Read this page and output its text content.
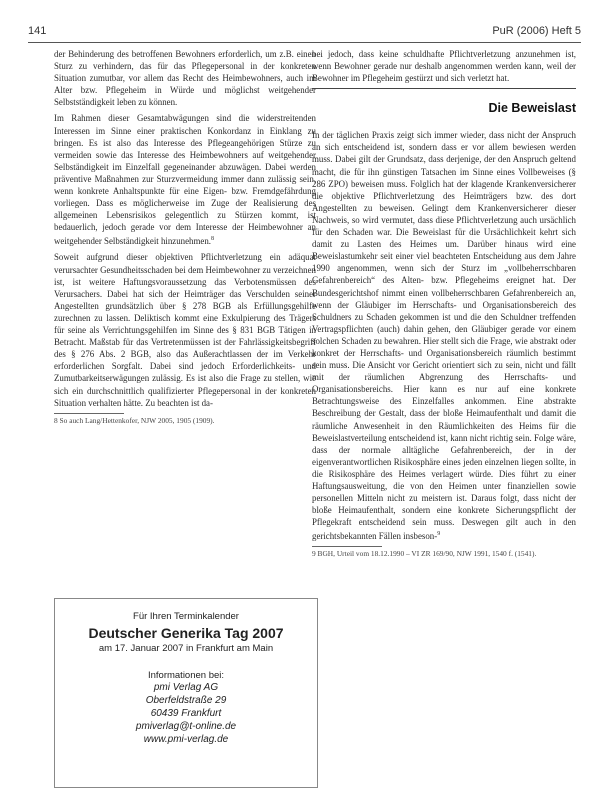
141	PuR (2006) Heft 5

der Behinderung des betroffenen Bewohners erforderlich, um z.B. einen Sturz zu verhindern, das für das Pflegepersonal in der konkreten Situation zumutbar, vor allem das Recht des Heimbewohners, auch im Alter bzw. Pflegeheim in Würde und möglichst weitgehender Selbstständigkeit leben zu können.

Im Rahmen dieser Gesamtabwägungen sind die widerstreitenden Interessen im Sinne einer praktischen Konkordanz in Einklang zu bringen. Es ist also das Interesse des Pflegeangehörigen Stürze zu vermeiden sowie das Interesse des Heimbewohners auf weitgehender Selbständigkeit im Einzelfall gegeneinander abzuwägen. Dabei werden präventive Maßnahmen zur Sturzvermeidung immer dann zulässig sein, wenn konkrete Anhaltspunkte für eine Eigen- bzw. Fremdgefährdung vorliegen. Dass es möglicherweise im Zuge der Realisierung des allgemeinen Lebensrisikos gelegentlich zu Stürzen kommt, ist bedauerlich, jedoch gerade vor dem Interesse der Heimbewohner an weitgehender Selbständigkeit hinzunehmen.$^8$

Soweit aufgrund dieser objektiven Pflichtverletzung ein adäquat verursachter Gesundheitsschaden bei dem Heimbewohner zu verzeichnen ist, ist weitere Haftungsvoraussetzung das Verbotensmüssen des Verursachers. Dabei hat sich der Heimträger das Verschulden seiner Angestellten grundsätzlich über § 278 BGB als Erfüllungsgehilfe zurechnen zu lassen. Deliktisch kommt eine Exkulpierung des Trägers für seine als Verrichtungsgehilfen im Sinne des § 831 BGB Tätigen in Betracht. Maßstab für das Vertretenmüssen ist der Fahrlässigkeitsbegriff des § 276 Abs. 2 BGB, also das Außerachtlassen der im Verkehr erforderlichen Sorgfalt. Dabei sind jedoch Erforderlichkeits- und Zumutbarkeitserwägungen zulässig. Es ist also die Frage zu stellen, wie sich ein durchschnittlich qualifizierter Pflegepersonal in der konkreten Situation verhalten hätte. Zu beachten ist da-

8 So auch Lang/Hettenkofer, NJW 2005, 1905 (1909).

Für Ihren Terminkalender
Deutscher Generika Tag 2007
am 17. Januar 2007 in Frankfurt am Main
Informationen bei:
pmi Verlag AG
Oberfeldstraße 29
60439 Frankfurt
pmiverlag@t-online.de
www.pmi-verlag.de

bei jedoch, dass keine schuldhafte Pflichtverletzung anzunehmen ist, wenn Bewohner gerade nur deshalb angenommen werden kann, weil der Bewohner im Pflegeheim gestürzt und sich verletzt hat.

Die Beweislast

In der täglichen Praxis zeigt sich immer wieder, dass nicht der Anspruch an sich entscheidend ist, sondern dass er vor allem bewiesen werden muss. Dabei gilt der Grundsatz, dass derjenige, der den Anspruch geltend macht, die für ihn günstigen Tatsachen im Sinne eines Vollbeweises (§ 286 ZPO) beweisen muss. Folglich hat der klagende Krankenversicherer die objektive Pflichtverletzung des Heimträgers bzw. des dort Angestellten zu beweisen. Gelingt dem Krankenversicherer dieser Nachweis, so wird vermutet, dass diese Pflichtverletzung auch ursächlich für den Schaden war. Die Beweislast für die Ursächlichkeit kehrt sich damit zu Lasten des Heimes um. Darüber hinaus wird eine Beweislastumkehr seit einer viel beachteten Entscheidung aus dem Jahre 1990 angenommen, wenn sich der Sturz im „vollbeherrschbaren Gefahrenbereich“ des Alten- bzw. Pflegeheims ereignet hat. Der Bundesgerichtshof nimmt einen vollbeherrschbaren Gefahrenbereich an, wenn der Gläubiger im Herrschafts- und Organisationsbereich des Schuldners zu Schaden gekommen ist und die den Schuldner treffenden Vertragspflichten (auch) dahin gehen, den Gläubiger gerade vor einem solchen Schaden zu bewahren. Hier stellt sich die Frage, wie abstrakt oder konkret der Herrschafts- und Organisationsbereich räumlich bestimmt sein muss. Die Ansicht vor Gericht orientiert sich zu sein, nicht und fällt mit der räumlichen Abgrenzung des Herrschafts- und Organisationsbereichs. Hier kann es nur auf eine konkrete Betrachtungsweise des Einzelfalles ankommen. Eine abstrakte Beschreibung der Gestalt, dass der bloße Heimaufenthalt und damit die räumliche Anwesenheit in den Räumlichkeiten des Heims für die Beweislastverteilung entscheidend ist, kann nicht richtig sein. Folge wäre, dass der normale alltägliche Gefahrenbereich, der in der eigenverantwortlichen Risikosphäre eines jeden einzelnen liegen sollte, in die Risikosphäre des Heimes verlagert würde. Dies führt zu einer Haftungsausweitung, die von den Heimen unter finanziellen sowie personellen Mitteln nicht zu meistern ist. Daraus folgt, dass nicht der bloße Heimaufenthalt, sondern eine konkrete Sicherungspflicht der Pflegekraft entscheidend sein muss. Deswegen gilt auch in den gerichtsbekannten Fällen insbeson-$^9$

9 BGH, Urteil vom 18.12.1990 – VI ZR 169/90, NJW 1991, 1540 f. (1541).
